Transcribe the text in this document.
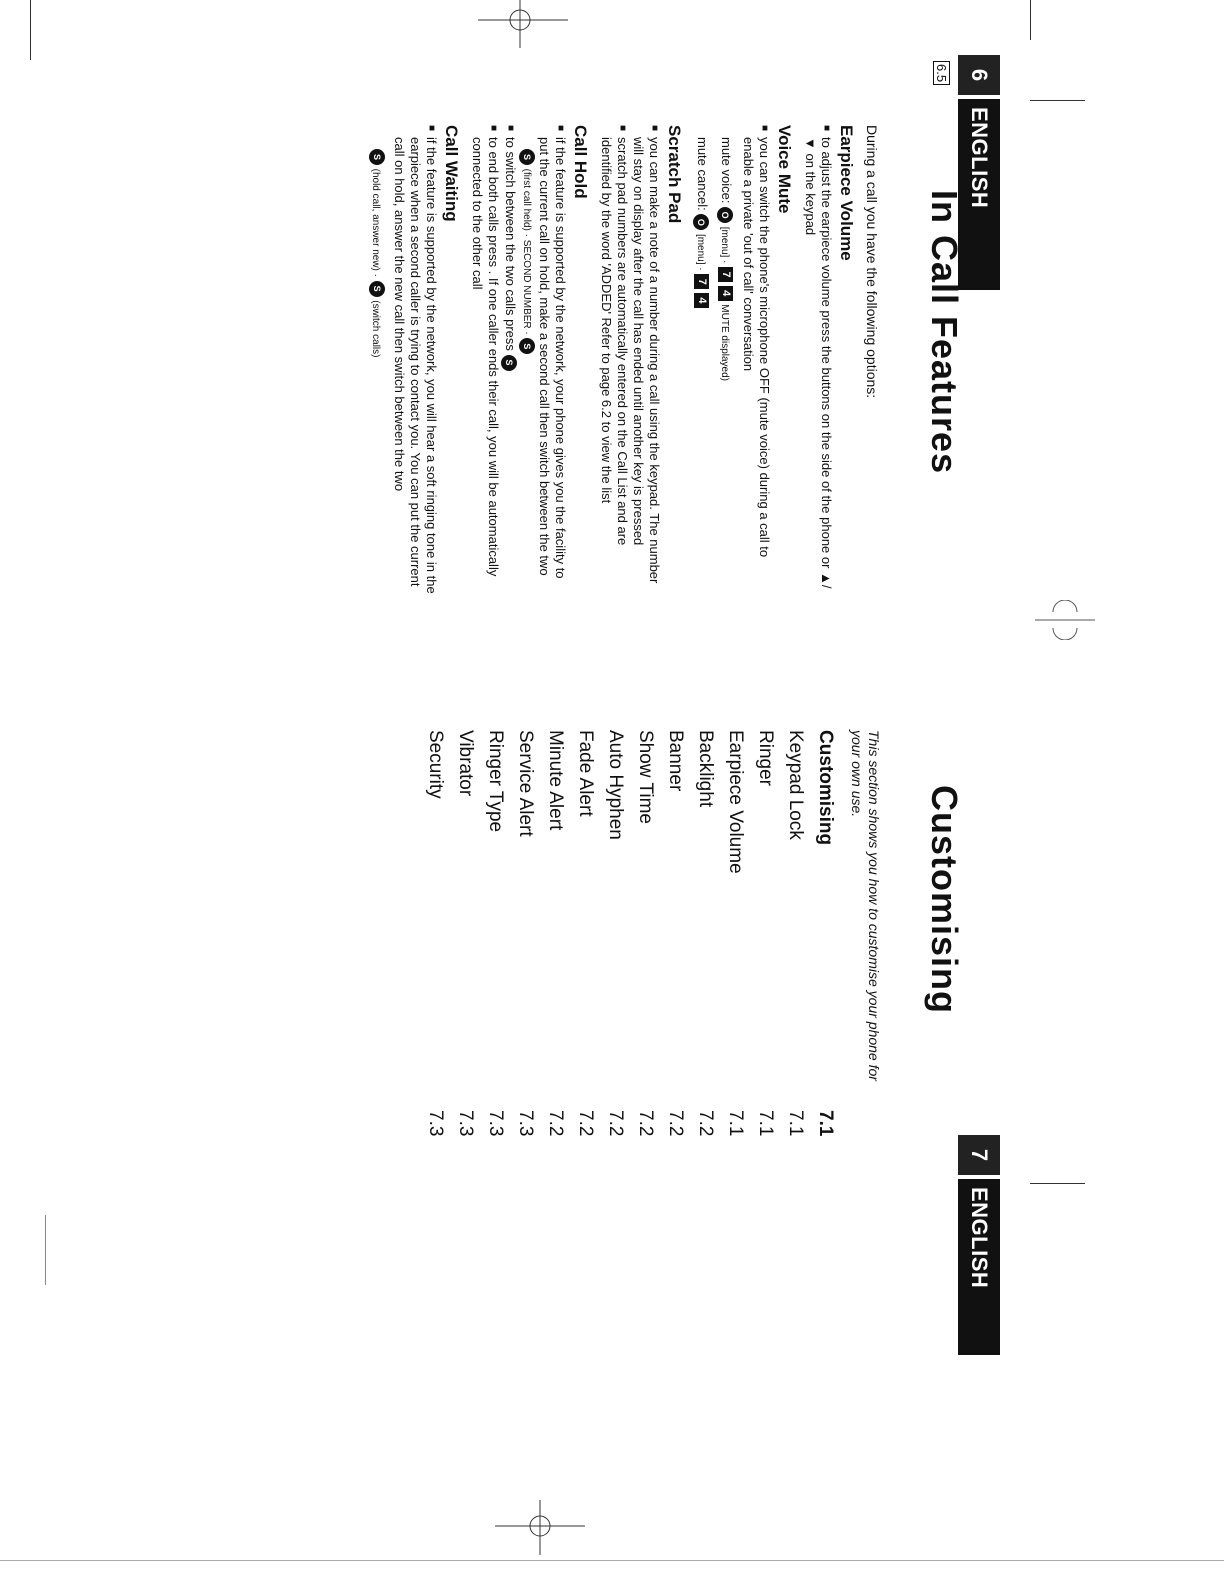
6
ENGLISH
6.5
In Call Features
During a call you have the following options:
Earpiece Volume
■ to adjust the earpiece volume press the buttons on the side of the phone or ▲/▼ on the keypad
Voice Mute
■ you can switch the phone's microphone OFF (mute voice) during a call to enable a private 'out of call' conversation
mute voice: O [menu] · 7 4 MUTE displayed)
mute cancel: O [menu] · 7 4
Scratch Pad
■ you can make a note of a number during a call using the keypad. The number will stay on display after the call has ended until another key is pressed
■ scratch pad numbers are automatically entered on the Call List and are identified by the word 'ADDED' Refer to page 6.2 to view the list
Call Hold
■ if the feature is supported by the network, your phone gives you the facility to put the current call on hold, make a second call then switch between the two
S (first call held) · SECOND NUMBER · S
■ to switch between the two calls press S
■ to end both calls press . If one caller ends their call, you will be automatically connected to the other call
Call Waiting
■ if the feature is supported by the network, you will hear a soft ringing tone in the earpiece when a second caller is trying to contact you. You can put the current call on hold, answer the new call then switch between the two
S (hold call, answer new) · S (switch calls)
Customising
This section shows you how to customise your phone for your own use.
Customising
7.1
Keypad Lock
7.1
Ringer
7.1
Earpiece Volume
7.1
Backlight
7.2
Banner
7.2
Show Time
7.2
Auto Hyphen
7.2
Fade Alert
7.2
Minute Alert
7.2
Service Alert
7.3
Ringer Type
7.3
Vibrator
7.3
Security
7.3
7
ENGLISH
